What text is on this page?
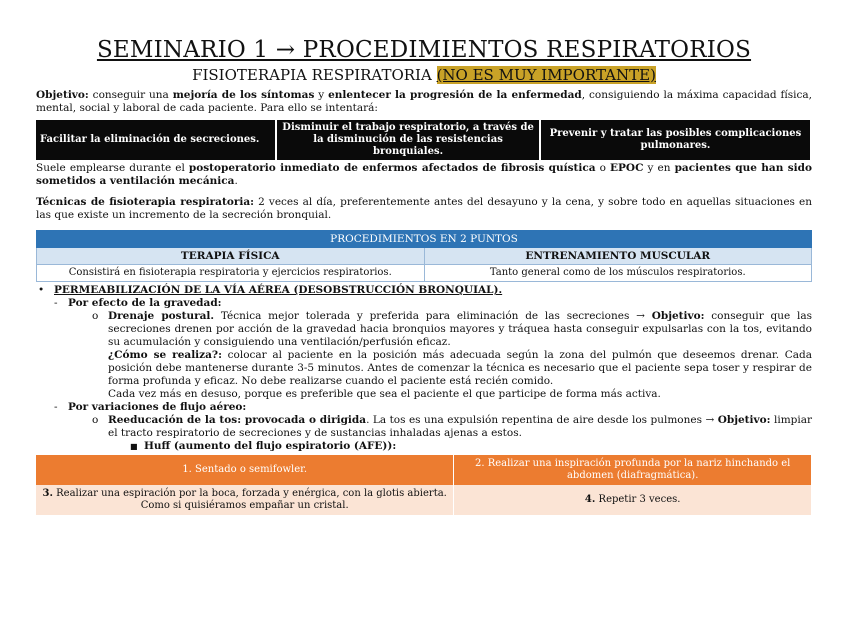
SEMINARIO 1 → PROCEDIMIENTOS RESPIRATORIOS
FISIOTERAPIA RESPIRATORIA (NO ES MUY IMPORTANTE)
Objetivo: conseguir una mejoría de los síntomas y enlentecer la progresión de la enfermedad, consiguiendo la máxima capacidad física, mental, social y laboral de cada paciente. Para ello se intentará:
Facilitar la eliminación de secreciones.	Disminuir el trabajo respiratorio, a través de la disminución de las resistencias bronquiales.	Prevenir y tratar las posibles complicaciones pulmonares.
Suele emplearse durante el postoperatorio inmediato de enfermos afectados de fibrosis quística o EPOC y en pacientes que han sido sometidos a ventilación mecánica.
Técnicas de fisioterapia respiratoria: 2 veces al día, preferentemente antes del desayuno y la cena, y sobre todo en aquellas situaciones en las que existe un incremento de la secreción bronquial.
PROCEDIMIENTOS EN 2 PUNTOS	
TERAPIA FÍSICA	ENTRENAMIENTO MUSCULAR
Consistirá en fisioterapia respiratoria y ejercicios respiratorios.	Tanto general como de los músculos respiratorios.
• PERMEABILIZACIÓN DE LA VÍA AÉREA (DESOBSTRUCCIÓN BRONQUIAL).
- Por efecto de la gravedad:
o Drenaje postural. Técnica mejor tolerada y preferida para eliminación de las secreciones → Objetivo: conseguir que las secreciones drenen por acción de la gravedad hacia bronquios mayores y tráquea hasta conseguir expulsarlas con la tos, evitando su acumulación y consiguiendo una ventilación/perfusión eficaz.
¿Cómo se realiza?: colocar al paciente en la posición más adecuada según la zona del pulmón que deseemos drenar. Cada posición debe mantenerse durante 3-5 minutos. Antes de comenzar la técnica es necesario que el paciente sepa toser y respirar de forma profunda y eficaz. No debe realizarse cuando el paciente está recién comido.
Cada vez más en desuso, porque es preferible que sea el paciente el que participe de forma más activa.
- Por variaciones de flujo aéreo:
o Reeducación de la tos: provocada o dirigida. La tos es una expulsión repentina de aire desde los pulmones → Objetivo: limpiar el tracto respiratorio de secreciones y de sustancias inhaladas ajenas a estos.
■ Huff (aumento del flujo espiratorio (AFE)):
1. Sentado o semifowler.	2. Realizar una inspiración profunda por la nariz hinchando el abdomen (diafragmática).
3. Realizar una espiración por la boca, forzada y enérgica, con la glotis abierta. Como si quisiéramos empañar un cristal.	4. Repetir 3 veces.
